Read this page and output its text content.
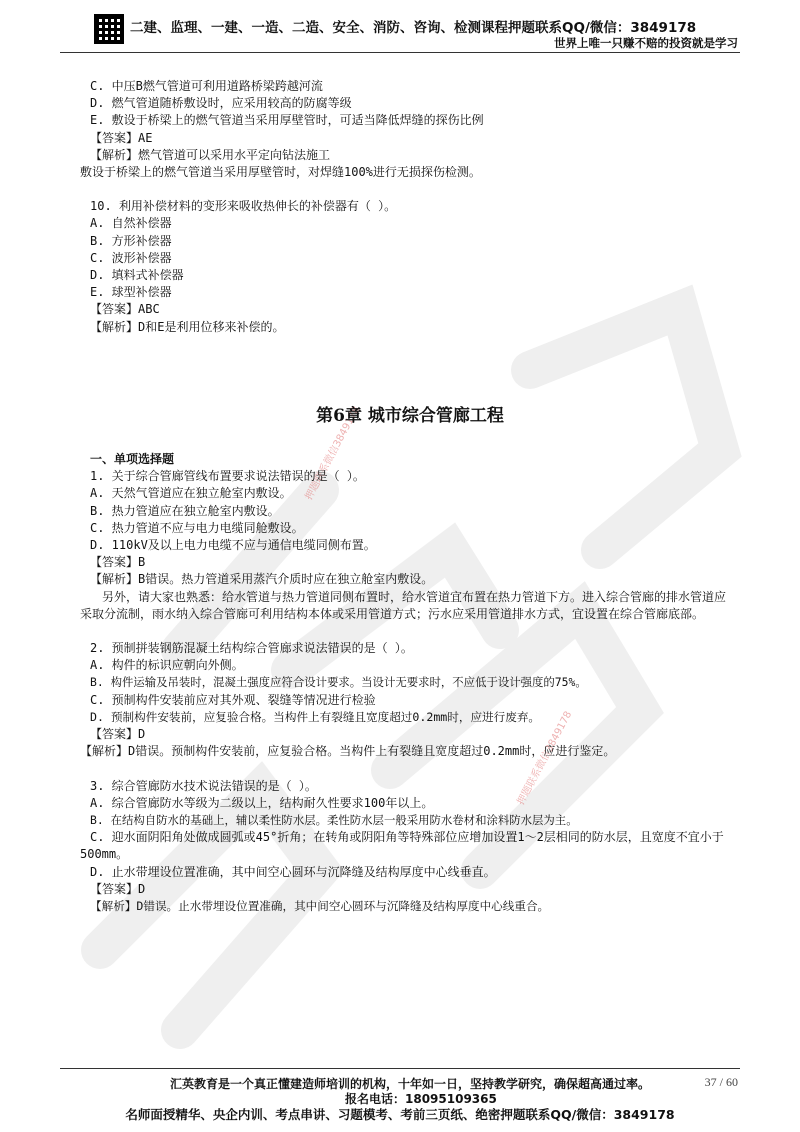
二建、监理、一建、一造、二造、安全、消防、咨询、检测课程押题联系QQ/微信：3849178
世界上唯一只赚不赔的投资就是学习
押题联系微信3849178
押题联系微信3849178
C. 中压B燃气管道可利用道路桥梁跨越河流
D. 燃气管道随桥敷设时，应采用较高的防腐等级
E. 敷设于桥梁上的燃气管道当采用厚壁管时，可适当降低焊缝的探伤比例
【答案】AE
【解析】燃气管道可以采用水平定向钻法施工
敷设于桥梁上的燃气管道当采用厚壁管时，对焊缝100%进行无损探伤检测。
10. 利用补偿材料的变形来吸收热伸长的补偿器有（ ）。
A. 自然补偿器
B. 方形补偿器
C. 波形补偿器
D. 填料式补偿器
E. 球型补偿器
【答案】ABC
【解析】D和E是利用位移来补偿的。
第6章 城市综合管廊工程
一、单项选择题
1. 关于综合管廊管线布置要求说法错误的是（ ）。
A. 天然气管道应在独立舱室内敷设。
B. 热力管道应在独立舱室内敷设。
C. 热力管道不应与电力电缆同舱敷设。
D. 110kV及以上电力电缆不应与通信电缆同侧布置。
【答案】B
【解析】B错误。热力管道采用蒸汽介质时应在独立舱室内敷设。
另外，请大家也熟悉：给水管道与热力管道同侧布置时，给水管道宜布置在热力管道下方。进入综合管廊的排水管道应采取分流制，雨水纳入综合管廊可利用结构本体或采用管道方式；污水应采用管道排水方式，宜设置在综合管廊底部。
2. 预制拼装钢筋混凝土结构综合管廊求说法错误的是（ ）。
A. 构件的标识应朝向外侧。
B. 构件运输及吊装时，混凝土强度应符合设计要求。当设计无要求时，不应低于设计强度的75%。
C. 预制构件安装前应对其外观、裂缝等情况进行检验
D. 预制构件安装前，应复验合格。当构件上有裂缝且宽度超过0.2mm时，应进行废弃。
【答案】D
【解析】D错误。预制构件安装前，应复验合格。当构件上有裂缝且宽度超过0.2mm时，应进行鉴定。
3. 综合管廊防水技术说法错误的是（ ）。
A. 综合管廊防水等级为二级以上，结构耐久性要求100年以上。
B. 在结构自防水的基础上，辅以柔性防水层。柔性防水层一般采用防水卷材和涂料防水层为主。
C. 迎水面阴阳角处做成圆弧或45°折角；在转角或阴阳角等特殊部位应增加设置1～2层相同的防水层，且宽度不宜小于500mm。
D. 止水带埋设位置准确，其中间空心圆环与沉降缝及结构厚度中心线垂直。
【答案】D
【解析】D错误。止水带埋设位置准确，其中间空心圆环与沉降缝及结构厚度中心线重合。
汇英教育是一个真正懂建造师培训的机构，十年如一日，坚持教学研究，确保超高通过率。	37 / 60
报名电话：18095109365
名师面授精华、央企内训、考点串讲、习题模考、考前三页纸、绝密押题联系QQ/微信：3849178
